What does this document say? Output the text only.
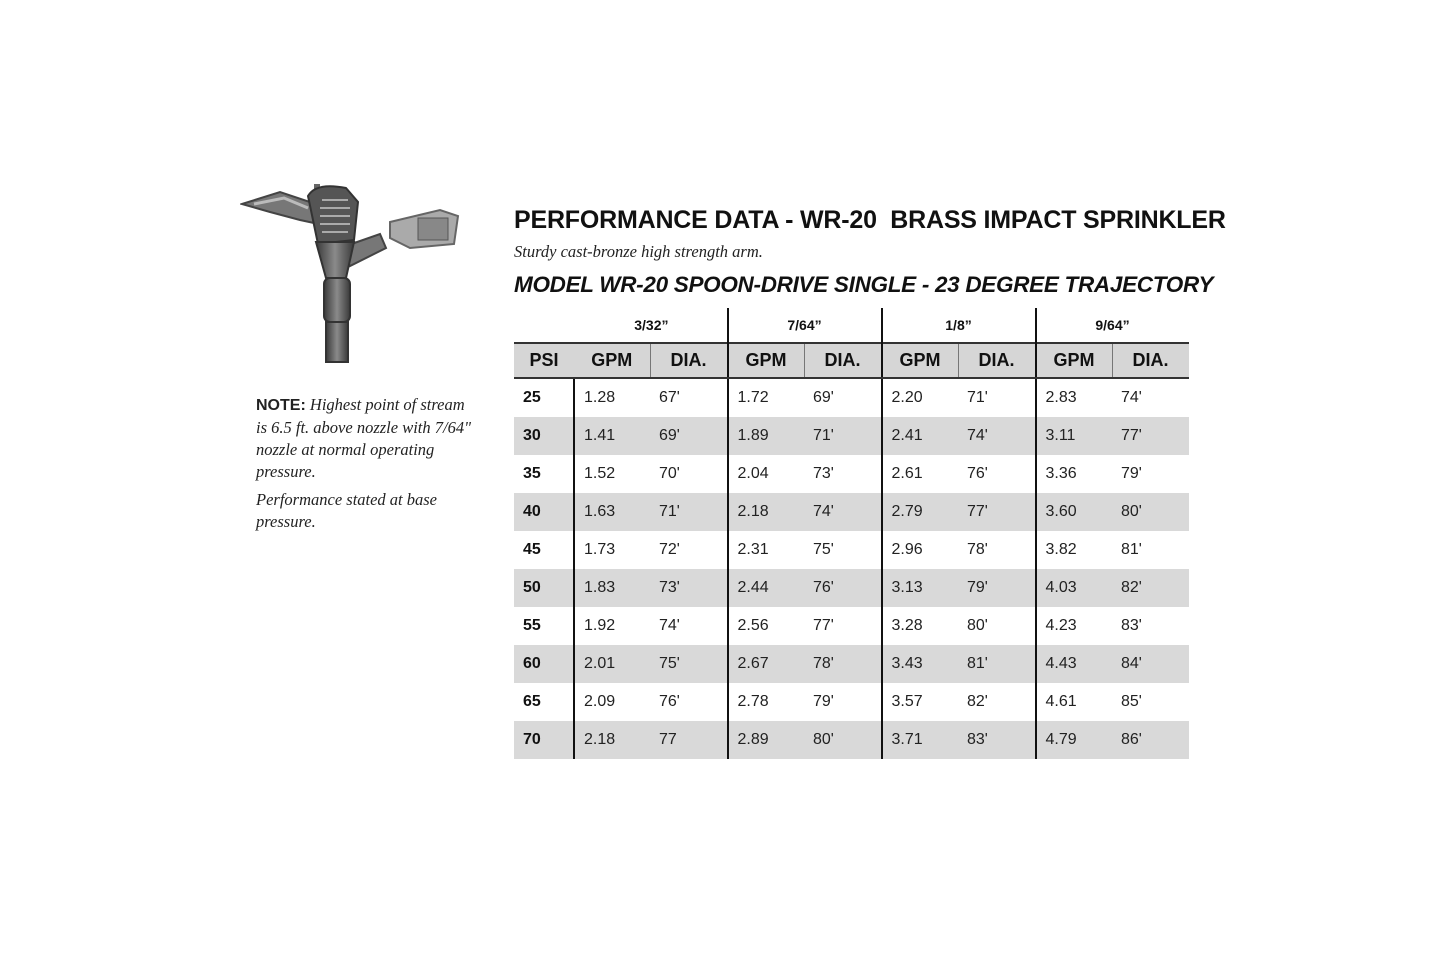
NOTE: Highest point of stream is 6.5 ft. above nozzle with 7/64" nozzle at normal operating pressure.

Performance stated at base pressure.

PERFORMANCE DATA - WR-20  BRASS IMPACT SPRINKLER
Sturdy cast-bronze high strength arm.
MODEL WR-20 SPOON-DRIVE SINGLE - 23 DEGREE TRAJECTORY
3/32”			7/64”		1/8”		9/64”	
PSI	GPM	DIA.	GPM	DIA.	GPM	DIA.	GPM	DIA.
25	1.28	67'	1.72	69'	2.20	71'	2.83	74'
30	1.41	69'	1.89	71'	2.41	74'	3.11	77'
35	1.52	70'	2.04	73'	2.61	76'	3.36	79'
40	1.63	71'	2.18	74'	2.79	77'	3.60	80'
45	1.73	72'	2.31	75'	2.96	78'	3.82	81'
50	1.83	73'	2.44	76'	3.13	79'	4.03	82'
55	1.92	74'	2.56	77'	3.28	80'	4.23	83'
60	2.01	75'	2.67	78'	3.43	81'	4.43	84'
65	2.09	76'	2.78	79'	3.57	82'	4.61	85'
70	2.18	77	2.89	80'	3.71	83'	4.79	86'
